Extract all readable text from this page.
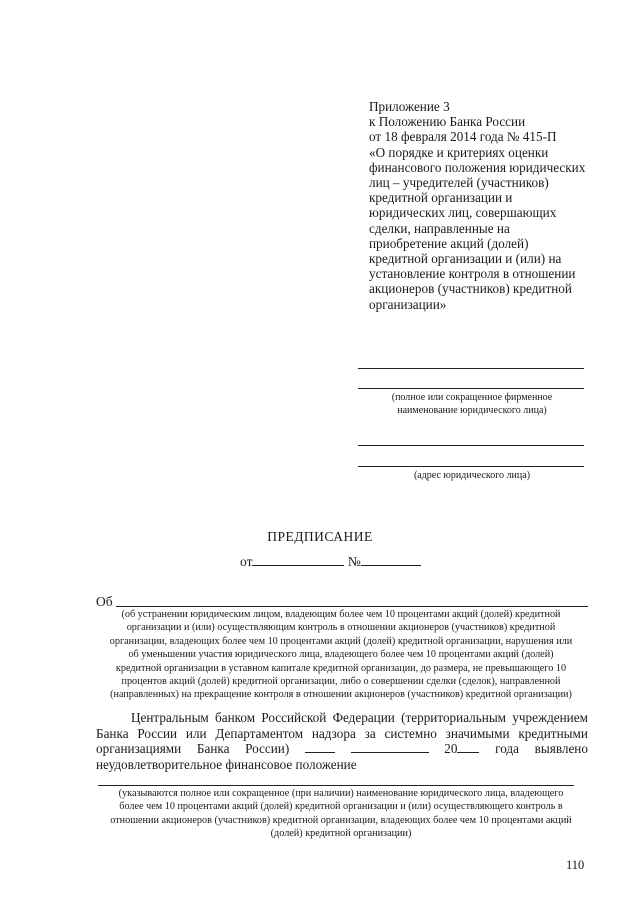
Приложение 3
к Положению Банка России
от 18 февраля 2014 года № 415-П
«О порядке и критериях оценки
финансового положения юридических
лиц – учредителей (участников)
кредитной организации и
юридических лиц, совершающих
сделки, направленные на
приобретение акций (долей)
кредитной организации и (или) на
установление контроля в отношении
акционеров (участников) кредитной
организации»
(полное или сокращенное фирменное
наименование юридического лица)
(адрес юридического лица)
ПРЕДПИСАНИЕ
от	№
Об
(об устранении юридическим лицом, владеющим более чем 10 процентами акций (долей) кредитной
организации и (или) осуществляющим контроль в отношении акционеров (участников) кредитной
организации, владеющих более чем 10 процентами акций (долей) кредитной организации, нарушения или
об уменьшении участия юридического лица, владеющего более чем 10 процентами акций (долей)
кредитной организации в уставном капитале кредитной организации, до размера, не превышающего 10
процентов акций (долей) кредитной организации, либо о совершении сделки (сделок), направленной
(направленных) на прекращение контроля в отношении акционеров (участников) кредитной организации)
Центральным банком Российской Федерации (территориальным учреждением
Банка России или Департаментом надзора за системно значимыми кредитными
организациями Банка России)	20	года выявлено
неудовлетворительное финансовое положение
(указываются полное или сокращенное (при наличии) наименование юридического лица, владеющего
более чем 10 процентами акций (долей) кредитной организации и (или) осуществляющего контроль в
отношении акционеров (участников) кредитной организации, владеющих более чем 10 процентами акций
(долей) кредитной организации)
110
